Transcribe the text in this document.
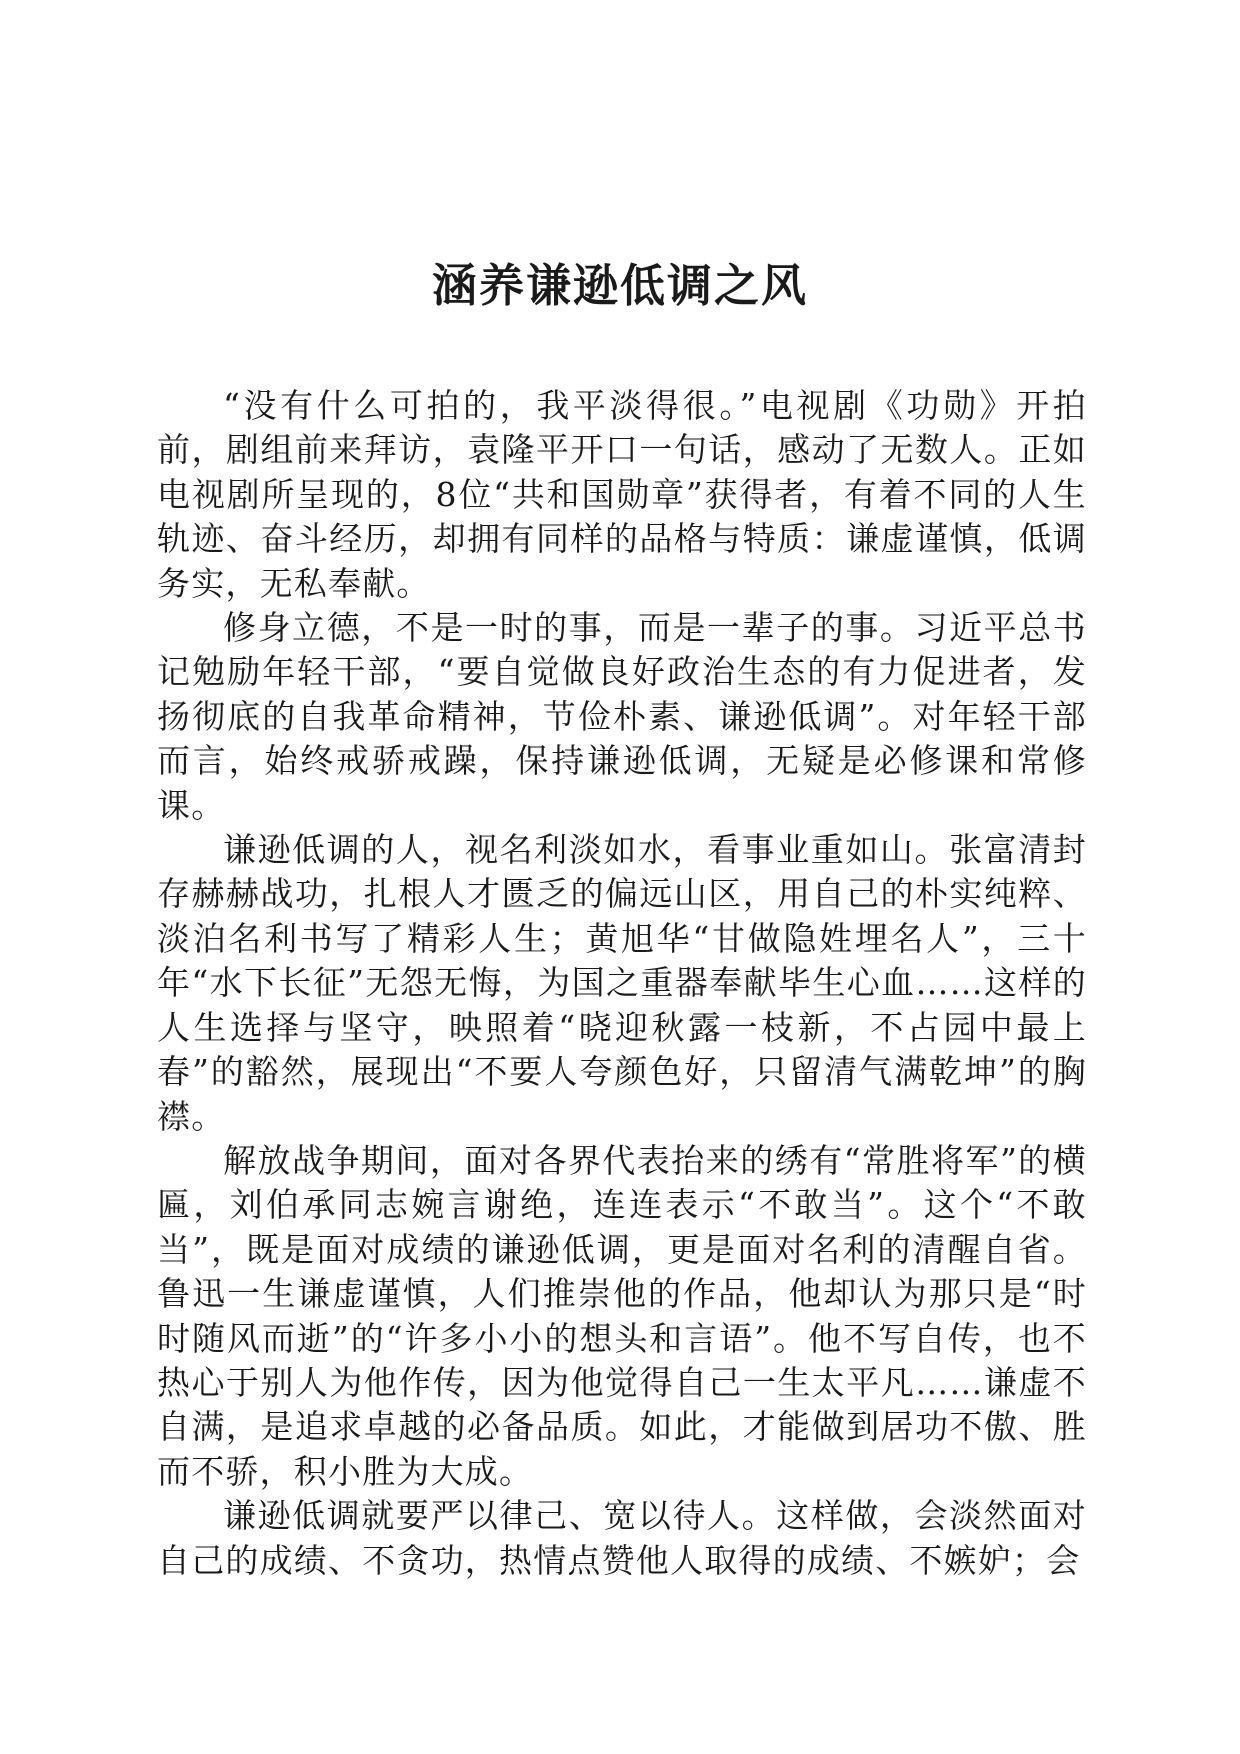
涵养谦逊低调之风

“没有什么可拍的，我平淡得很。”电视剧《功勋》开拍前，剧组前来拜访，袁隆平开口一句话，感动了无数人。正如电视剧所呈现的，8位“共和国勋章”获得者，有着不同的人生轨迹、奋斗经历，却拥有同样的品格与特质：谦虚谨慎，低调务实，无私奉献。

修身立德，不是一时的事，而是一辈子的事。习近平总书记勉励年轻干部，“要自觉做良好政治生态的有力促进者，发扬彻底的自我革命精神，节俭朴素、谦逊低调”。对年轻干部而言，始终戒骄戒躁，保持谦逊低调，无疑是必修课和常修课。

谦逊低调的人，视名利淡如水，看事业重如山。张富清封存赫赫战功，扎根人才匮乏的偏远山区，用自己的朴实纯粹、淡泊名利书写了精彩人生；黄旭华“甘做隐姓埋名人”，三十年“水下长征”无怨无悔，为国之重器奉献毕生心血……这样的人生选择与坚守，映照着“晓迎秋露一枝新，不占园中最上春”的豁然，展现出“不要人夸颜色好，只留清气满乾坤”的胸襟。

解放战争期间，面对各界代表抬来的绣有“常胜将军”的横匾，刘伯承同志婉言谢绝，连连表示“不敢当”。这个“不敢当”，既是面对成绩的谦逊低调，更是面对名利的清醒自省。鲁迅一生谦虚谨慎，人们推崇他的作品，他却认为那只是“时时随风而逝”的“许多小小的想头和言语”。他不写自传，也不热心于别人为他作传，因为他觉得自己一生太平凡……谦虚不自满，是追求卓越的必备品质。如此，才能做到居功不傲、胜而不骄，积小胜为大成。

谦逊低调就要严以律己、宽以待人。这样做，会淡然面对自己的成绩、不贪功，热情点赞他人取得的成绩、不嫉妒；会
